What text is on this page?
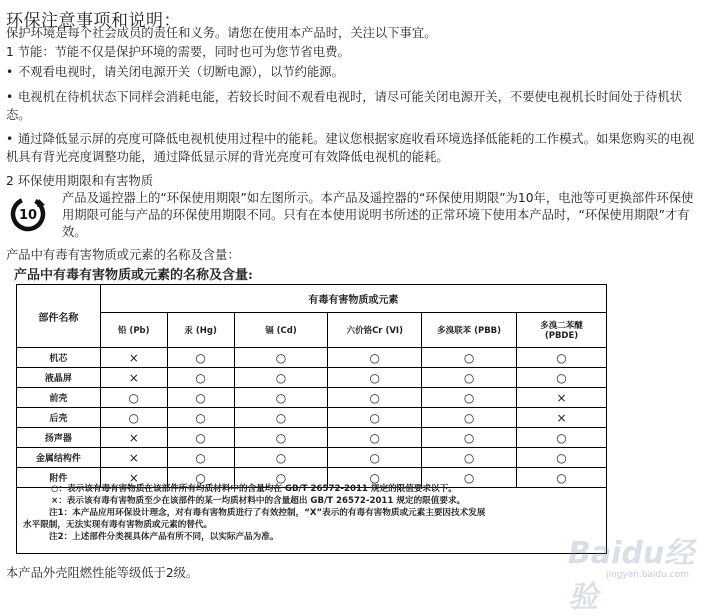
环保注意事项和说明：
保护环境是每个社会成员的责任和义务。请您在使用本产品时，关注以下事宜。
1 节能：节能不仅是保护环境的需要，同时也可为您节省电费。
• 不观看电视时，请关闭电源开关（切断电源），以节约能源。
• 电视机在待机状态下同样会消耗电能，若较长时间不观看电视时，请尽可能关闭电源开关，不要使电视机长时间处于待机状态。
• 通过降低显示屏的亮度可降低电视机使用过程中的能耗。建议您根据家庭收看环境选择低能耗的工作模式。如果您购买的电视机具有背光亮度调整功能，通过降低显示屏的背光亮度可有效降低电视机的能耗。
2 环保使用期限和有害物质
10
产品及遥控器上的“环保使用期限”如左图所示。本产品及遥控器的“环保使用期限”为10年，电池等可更换部件环保使用期限可能与产品的环保使用期限不同。只有在本使用说明书所述的正常环境下使用本产品时，“环保使用期限”才有效。
产品中有毒有害物质或元素的名称及含量：
产品中有毒有害物质或元素的名称及含量:
部件名称	有毒有害物质或元素					
	铅 (Pb)	汞 (Hg)	镉 (Cd)	六价铬Cr (VI)	多溴联苯 (PBB)	多溴二苯醚 (PBDE)
机芯	×	○	○	○	○	○
液晶屏	×	○	○	○	○	○
前壳	○	○	○	○	○	×
后壳	○	○	○	○	○	×
扬声器	×	○	○	○	○	○
金属结构件	×	○	○	○	○	○
附件	×	○	○	○	○	○
○：表示该有毒有害物质在该部件所有均质材料中的含量均在 GB/T 26572-2011 规定的限值要求以下。
×：表示该有毒有害物质至少在该部件的某一均质材料中的含量超出 GB/T 26572-2011 规定的限值要求。
注1：本产品应用环保设计理念，对有毒有害物质进行了有效控制，“X”表示的有毒有害物质或元素主要因技术发展
水平限制，无法实现有毒有害物质或元素的替代。
注2：上述部件分类视具体产品有所不同，以实际产品为准。
本产品外壳阻燃性能等级低于2级。
Baidu经验
jingyan.baidu.com
